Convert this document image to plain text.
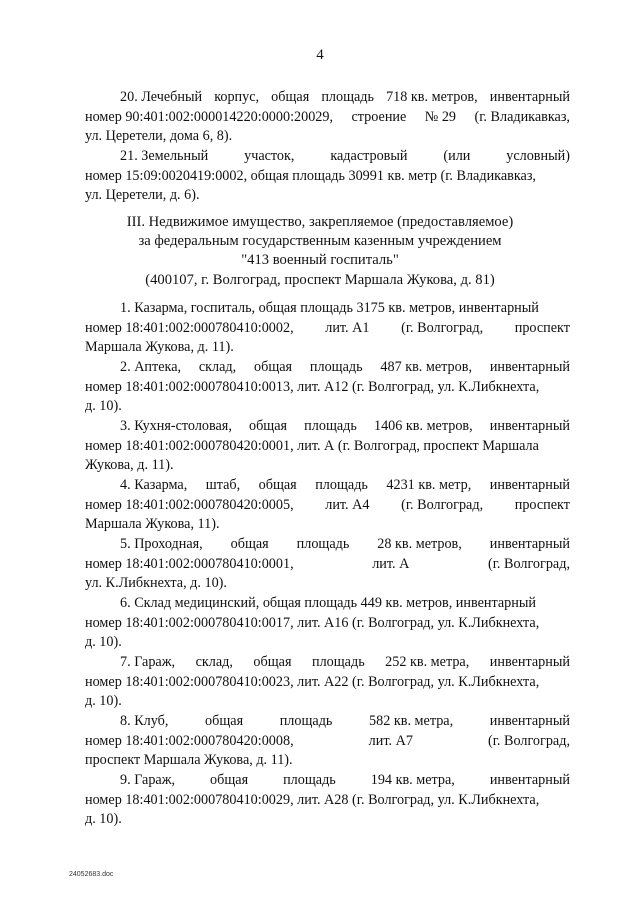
4
20. Лечебный корпус, общая площадь 718 кв. метров, инвентарный
номер 90:401:002:000014220:0000:20029, строение № 29 (г. Владикавказ,
ул. Церетели, дома 6, 8).
21. Земельный	участок,	кадастровый	(или	условный)
номер 15:09:0020419:0002, общая площадь 30991 кв. метр (г. Владикавказ,
ул. Церетели, д. 6).
III. Недвижимое имущество, закрепляемое (предоставляемое)
за федеральным государственным казенным учреждением
"413 военный госпиталь"
(400107, г. Волгоград, проспект Маршала Жукова, д. 81)
1. Казарма, госпиталь, общая площадь 3175 кв. метров, инвентарный
номер 18:401:002:000780410:0002, лит. А1 (г. Волгоград, проспект
Маршала Жукова, д. 11).
2. Аптека, склад, общая площадь 487 кв. метров, инвентарный
номер 18:401:002:000780410:0013, лит. А12 (г. Волгоград, ул. К.Либкнехта,
д. 10).
3. Кухня-столовая, общая площадь 1406 кв. метров, инвентарный
номер 18:401:002:000780420:0001, лит. А (г. Волгоград, проспект Маршала
Жукова, д. 11).
4. Казарма, штаб, общая площадь 4231 кв. метр, инвентарный
номер 18:401:002:000780420:0005, лит. А4 (г. Волгоград, проспект
Маршала Жукова, 11).
5. Проходная, общая площадь 28 кв. метров, инвентарный
номер 18:401:002:000780410:0001,	лит. А	(г. Волгоград,
ул. К.Либкнехта, д. 10).
6. Склад медицинский, общая площадь 449 кв. метров, инвентарный
номер 18:401:002:000780410:0017, лит. А16 (г. Волгоград, ул. К.Либкнехта,
д. 10).
7. Гараж, склад, общая площадь 252 кв. метра, инвентарный
номер 18:401:002:000780410:0023, лит. А22 (г. Волгоград, ул. К.Либкнехта,
д. 10).
8. Клуб,	общая	площадь	582 кв. метра,	инвентарный
номер 18:401:002:000780420:0008,	лит. А7	(г. Волгоград,
проспект Маршала Жукова, д. 11).
9. Гараж, общая площадь 194 кв. метра, инвентарный
номер 18:401:002:000780410:0029, лит. А28 (г. Волгоград, ул. К.Либкнехта,
д. 10).
24052683.doc
